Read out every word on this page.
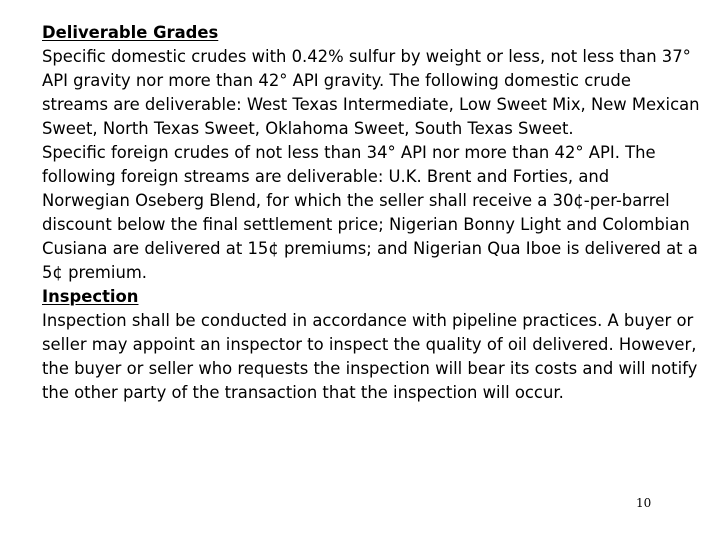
Deliverable Grades

Specific domestic crudes with 0.42% sulfur by weight or less, not less than 37° API gravity nor more than 42° API gravity. The following domestic crude streams are deliverable: West Texas Intermediate, Low Sweet Mix, New Mexican Sweet, North Texas Sweet, Oklahoma Sweet, South Texas Sweet.

Specific foreign crudes of not less than 34° API nor more than 42° API. The following foreign streams are deliverable: U.K. Brent and Forties, and Norwegian Oseberg Blend, for which the seller shall receive a 30¢-per-barrel discount below the final settlement price; Nigerian Bonny Light and Colombian Cusiana are delivered at 15¢ premiums; and Nigerian Qua Iboe is delivered at a 5¢ premium.

Inspection

Inspection shall be conducted in accordance with pipeline practices. A buyer or seller may appoint an inspector to inspect the quality of oil delivered. However, the buyer or seller who requests the inspection will bear its costs and will notify the other party of the transaction that the inspection will occur.

10
